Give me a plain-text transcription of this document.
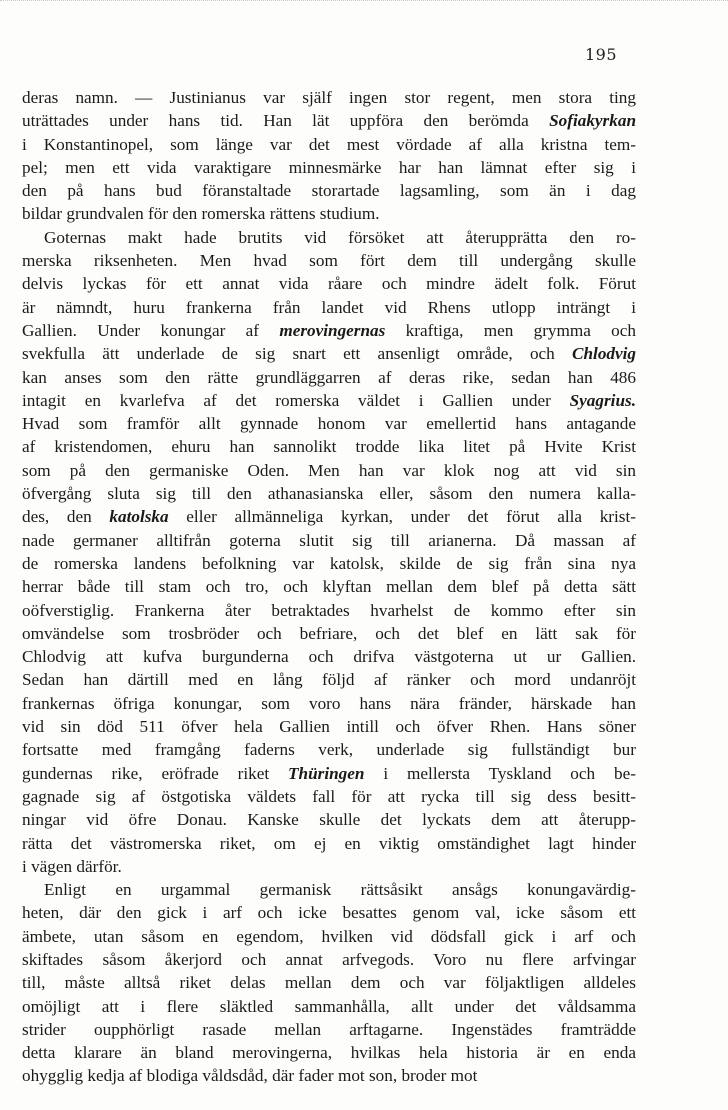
195
deras namn. — Justinianus var själf ingen stor regent, men stora ting
uträttades under hans tid. Han lät uppföra den berömda Sofiakyrkan
i Konstantinopel, som länge var det mest vördade af alla kristna tem-
pel; men ett vida varaktigare minnesmärke har han lämnat efter sig i
den på hans bud föranstaltade storartade lagsamling, som än i dag
bildar grundvalen för den romerska rättens studium.
Goternas makt hade brutits vid försöket att återupprätta den ro-
merska riksenheten. Men hvad som fört dem till undergång skulle
delvis lyckas för ett annat vida råare och mindre ädelt folk. Förut
är nämndt, huru frankerna från landet vid Rhens utlopp inträngt i
Gallien. Under konungar af merovingernas kraftiga, men grymma och
svekfulla ätt underlade de sig snart ett ansenligt område, och Chlodvig
kan anses som den rätte grundläggarren af deras rike, sedan han 486
intagit en kvarlefva af det romerska väldet i Gallien under Syagrius.
Hvad som framför allt gynnade honom var emellertid hans antagande
af kristendomen, ehuru han sannolikt trodde lika litet på Hvite Krist
som på den germaniske Oden. Men han var klok nog att vid sin
öfvergång sluta sig till den athanasianska eller, såsom den numera kalla-
des, den katolska eller allmänneliga kyrkan, under det förut alla krist-
nade germaner alltifrån goterna slutit sig till arianerna. Då massan af
de romerska landens befolkning var katolsk, skilde de sig från sina nya
herrar både till stam och tro, och klyftan mellan dem blef på detta sätt
oöfverstiglig. Frankerna åter betraktades hvarhelst de kommo efter sin
omvändelse som trosbröder och befriare, och det blef en lätt sak för
Chlodvig att kufva burgunderna och drifva västgoterna ut ur Gallien.
Sedan han därtill med en lång följd af ränker och mord undanröjt
frankernas öfriga konungar, som voro hans nära fränder, härskade han
vid sin död 511 öfver hela Gallien intill och öfver Rhen. Hans söner
fortsatte med framgång faderns verk, underlade sig fullständigt bur
gundernas rike, eröfrade riket Thüringen i mellersta Tyskland och be-
gagnade sig af östgotiska väldets fall för att rycka till sig dess besitt-
ningar vid öfre Donau. Kanske skulle det lyckats dem att återupp-
rätta det västromerska riket, om ej en viktig omständighet lagt hinder
i vägen därför.
Enligt en urgammal germanisk rättsåsikt ansågs konungavärdig-
heten, där den gick i arf och icke besattes genom val, icke såsom ett
ämbete, utan såsom en egendom, hvilken vid dödsfall gick i arf och
skiftades såsom åkerjord och annat arfvegods. Voro nu flere arfvingar
till, måste alltså riket delas mellan dem och var följaktligen alldeles
omöjligt att i flere släktled sammanhålla, allt under det våldsamma
strider oupphörligt rasade mellan arftagarne. Ingenstädes framträdde
detta klarare än bland merovingerna, hvilkas hela historia är en enda
ohygglig kedja af blodiga våldsdåd, där fader mot son, broder mot
